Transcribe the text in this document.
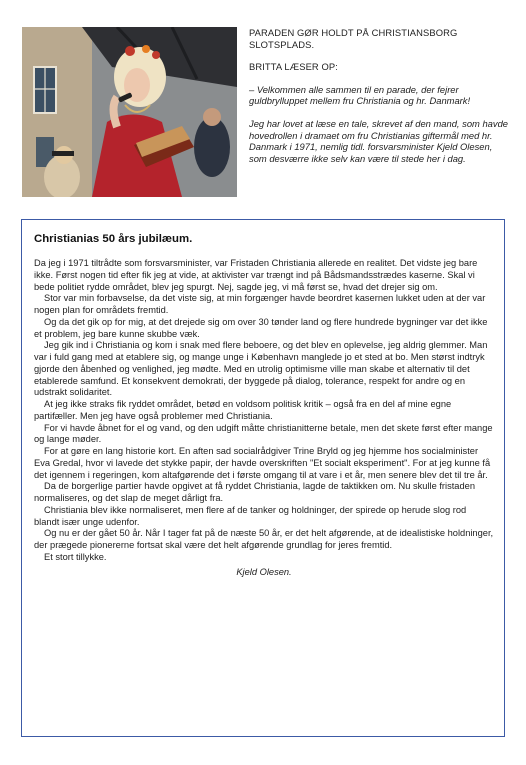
PARADEN GØR HOLDT PÅ CHRISTIANSBORG SLOTSPLADS.

BRITTA LÆSER OP:

– Velkommen alle sammen til en parade, der fejrer guldbrylluppet mellem fru Christiania og hr. Danmark!

Jeg har lovet at læse en tale, skrevet af den mand, som havde hovedrollen i dramaet om fru Christianias giftermål med hr. Danmark i 1971, nemlig tidl. forsvarsminister Kjeld Olesen, som desværre ikke selv kan være til stede her i dag.

Christianias 50 års jubilæum.

Da jeg i 1971 tiltrådte som forsvarsminister, var Fristaden Christiania allerede en realitet. Det vidste jeg bare ikke. Først nogen tid efter fik jeg at vide, at aktivister var trængt ind på Bådsmandsstrædes kaserne. Skal vi bede politiet rydde området, blev jeg spurgt. Nej, sagde jeg, vi må først se, hvad det drejer sig om.

Stor var min forbavselse, da det viste sig, at min forgænger havde beordret kasernen lukket uden at der var nogen plan for områdets fremtid.

Og da det gik op for mig, at det drejede sig om over 30 tønder land og flere hundrede bygninger var det ikke et problem, jeg bare kunne skubbe væk.

Jeg gik ind i Christiania og kom i snak med flere beboere, og det blev en oplevelse, jeg aldrig glemmer. Man var i fuld gang med at etablere sig, og mange unge i København manglede jo et sted at bo. Men størst indtryk gjorde den åbenhed og venlighed, jeg mødte. Med en utrolig optimisme ville man skabe et alternativ til det etablerede samfund. Et konsekvent demokrati, der byggede på dialog, tolerance, respekt for andre og en udstrakt solidaritet.

At jeg ikke straks fik ryddet området, betød en voldsom politisk kritik – også fra en del af mine egne partifæller. Men jeg have også problemer med Christiania.

For vi havde åbnet for el og vand, og den udgift måtte christianitterne betale, men det skete først efter mange og lange møder.

For at gøre en lang historie kort. En aften sad socialrådgiver Trine Bryld og jeg hjemme hos socialminister Eva Gredal, hvor vi lavede det stykke papir, der havde overskriften "Et socialt eksperiment". For at jeg kunne få det igennem i regeringen, kom altafgørende det i første omgang til at vare i et år, men senere blev det til tre år.

Da de borgerlige partier havde opgivet at få ryddet Christiania, lagde de taktikken om. Nu skulle fristaden normaliseres, og det slap de meget dårligt fra.

Christiania blev ikke normaliseret, men flere af de tanker og holdninger, der spirede op herude slog rod blandt især unge udenfor.

Og nu er der gået 50 år. Når I tager fat på de næste 50 år, er det helt afgørende, at de idealistiske holdninger, der prægede pionererne fortsat skal være det helt afgørende grundlag for jeres fremtid.

Et stort tillykke.

Kjeld Olesen.
